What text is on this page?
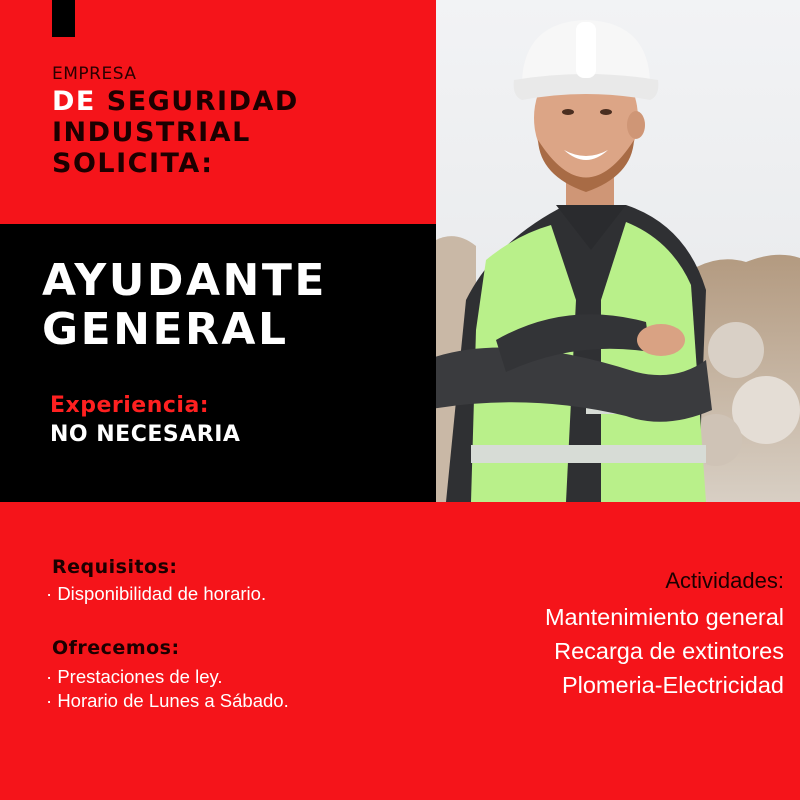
EMPRESA
DE SEGURIDAD
INDUSTRIAL
SOLICITA:
AYUDANTE
GENERAL
Experiencia:
NO NECESARIA
Requisitos:
· Disponibilidad de horario.
Ofrecemos:
· Prestaciones de ley.
· Horario de Lunes a Sábado.
Actividades:
Mantenimiento general
Recarga de extintores
Plomeria-Electricidad
